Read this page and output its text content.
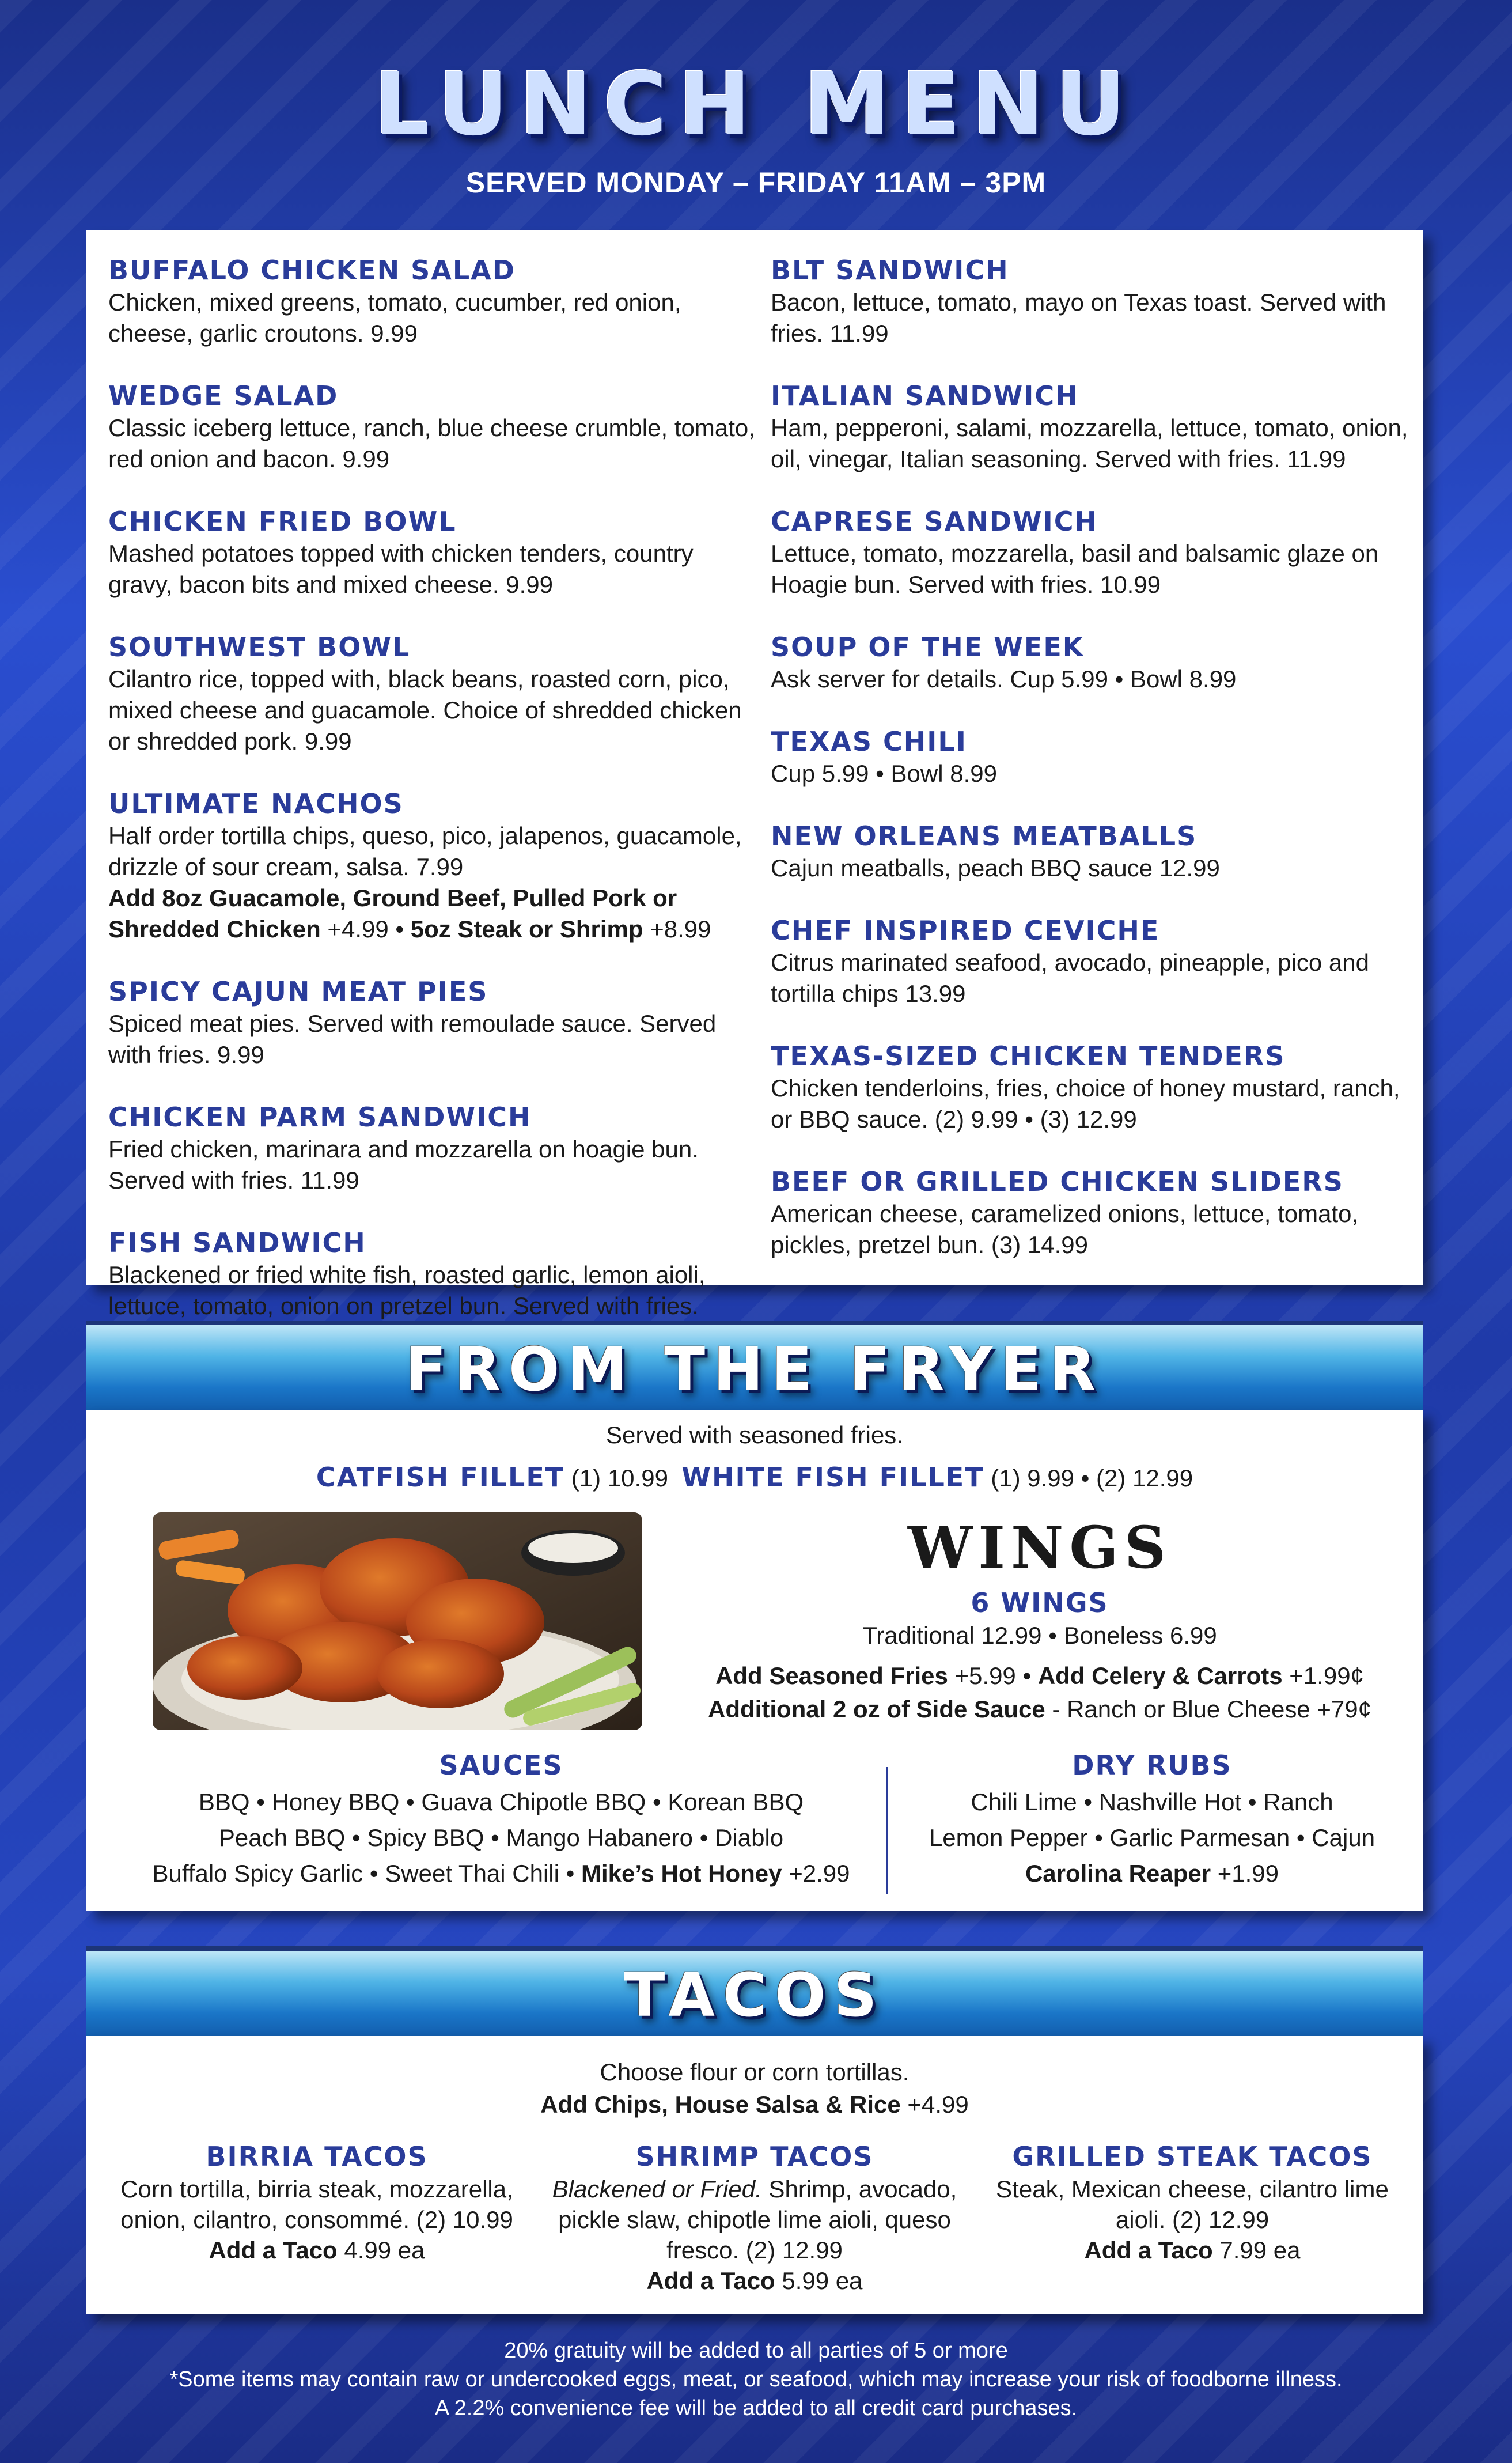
LUNCH MENU
SERVED MONDAY – FRIDAY 11AM – 3PM
BUFFALO CHICKEN SALAD
Chicken, mixed greens, tomato, cucumber, red onion, cheese, garlic croutons. 9.99
WEDGE SALAD
Classic iceberg lettuce, ranch, blue cheese crumble, tomato, red onion and bacon. 9.99
CHICKEN FRIED BOWL
Mashed potatoes topped with chicken tenders, country gravy, bacon bits and mixed cheese. 9.99
SOUTHWEST BOWL
Cilantro rice, topped with, black beans, roasted corn, pico, mixed cheese and guacamole. Choice of shredded chicken or shredded pork. 9.99
ULTIMATE NACHOS
Half order tortilla chips, queso, pico, jalapenos, guacamole, drizzle of sour cream, salsa. 7.99
Add 8oz Guacamole, Ground Beef, Pulled Pork or Shredded Chicken +4.99 • 5oz Steak or Shrimp +8.99
SPICY CAJUN MEAT PIES
Spiced meat pies. Served with remoulade sauce. Served with fries. 9.99
CHICKEN PARM SANDWICH
Fried chicken, marinara and mozzarella on hoagie bun. Served with fries. 11.99
FISH SANDWICH
Blackened or fried white fish, roasted garlic, lemon aioli, lettuce, tomato, onion on pretzel bun. Served with fries.
BLT SANDWICH
Bacon, lettuce, tomato, mayo on Texas toast. Served with fries. 11.99
ITALIAN SANDWICH
Ham, pepperoni, salami, mozzarella, lettuce, tomato, onion, oil, vinegar, Italian seasoning. Served with fries. 11.99
CAPRESE SANDWICH
Lettuce, tomato, mozzarella, basil and balsamic glaze on Hoagie bun. Served with fries. 10.99
SOUP OF THE WEEK
Ask server for details. Cup 5.99 • Bowl 8.99
TEXAS CHILI
Cup 5.99 • Bowl 8.99
NEW ORLEANS MEATBALLS
Cajun meatballs, peach BBQ sauce 12.99
CHEF INSPIRED CEVICHE
Citrus marinated seafood, avocado, pineapple, pico and tortilla chips 13.99
TEXAS-SIZED CHICKEN TENDERS
Chicken tenderloins, fries, choice of honey mustard, ranch, or BBQ sauce. (2) 9.99 • (3) 12.99
BEEF OR GRILLED CHICKEN SLIDERS
American cheese, caramelized onions, lettuce, tomato, pickles, pretzel bun. (3) 14.99
FROM THE FRYER
Served with seasoned fries.
CATFISH FILLET (1) 10.99 WHITE FISH FILLET (1) 9.99 • (2) 12.99
WINGS
6 WINGS
Traditional 12.99 • Boneless 6.99
Add Seasoned Fries +5.99 • Add Celery & Carrots +1.99¢
Additional 2 oz of Side Sauce - Ranch or Blue Cheese +79¢
SAUCES
BBQ • Honey BBQ • Guava Chipotle BBQ • Korean BBQ
Peach BBQ • Spicy BBQ • Mango Habanero • Diablo
Buffalo Spicy Garlic • Sweet Thai Chili • Mike’s Hot Honey +2.99
DRY RUBS
Chili Lime • Nashville Hot • Ranch
Lemon Pepper • Garlic Parmesan • Cajun
Carolina Reaper +1.99
TACOS
Choose flour or corn tortillas.
Add Chips, House Salsa & Rice +4.99
BIRRIA TACOS
Corn tortilla, birria steak, mozzarella, onion, cilantro, consommé. (2) 10.99
Add a Taco 4.99 ea
SHRIMP TACOS
Blackened or Fried. Shrimp, avocado, pickle slaw, chipotle lime aioli, queso fresco. (2) 12.99
Add a Taco 5.99 ea
GRILLED STEAK TACOS
Steak, Mexican cheese, cilantro lime aioli. (2) 12.99
Add a Taco 7.99 ea
20% gratuity will be added to all parties of 5 or more
*Some items may contain raw or undercooked eggs, meat, or seafood, which may increase your risk of foodborne illness.
A 2.2% convenience fee will be added to all credit card purchases.
